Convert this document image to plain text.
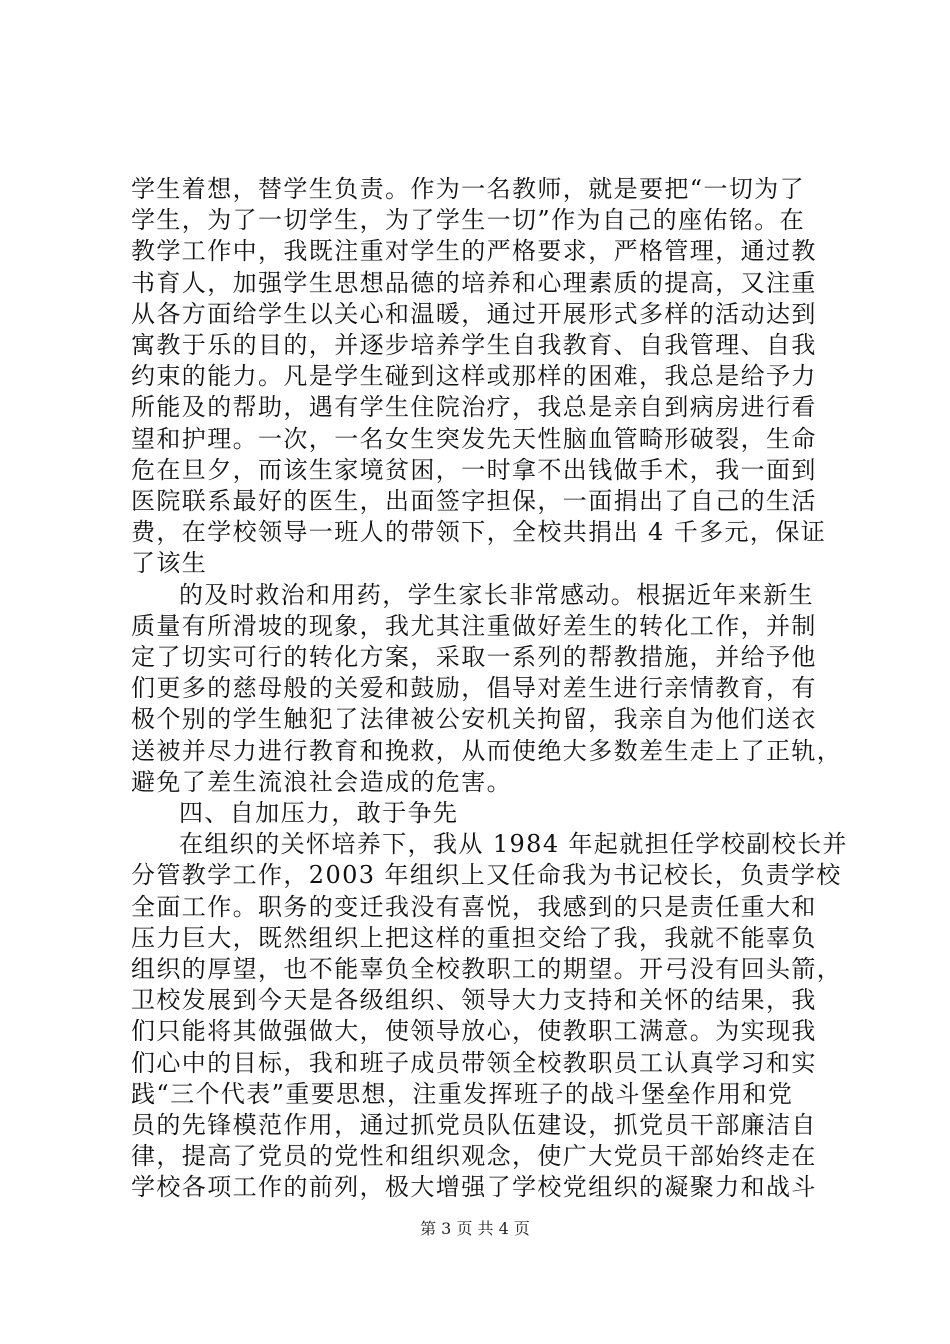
学生着想，替学生负责。作为一名教师，就是要把“一切为了
学生，为了一切学生，为了学生一切”作为自己的座佑铭。在
教学工作中，我既注重对学生的严格要求，严格管理，通过教
书育人，加强学生思想品德的培养和心理素质的提高，又注重
从各方面给学生以关心和温暖，通过开展形式多样的活动达到
寓教于乐的目的，并逐步培养学生自我教育、自我管理、自我
约束的能力。凡是学生碰到这样或那样的困难，我总是给予力
所能及的帮助，遇有学生住院治疗，我总是亲自到病房进行看
望和护理。一次，一名女生突发先天性脑血管畸形破裂，生命
危在旦夕，而该生家境贫困，一时拿不出钱做手术，我一面到
医院联系最好的医生，出面签字担保，一面捐出了自己的生活
费，在学校领导一班人的带领下，全校共捐出 4 千多元，保证
了该生
的及时救治和用药，学生家长非常感动。根据近年来新生
质量有所滑坡的现象，我尤其注重做好差生的转化工作，并制
定了切实可行的转化方案，采取一系列的帮教措施，并给予他
们更多的慈母般的关爱和鼓励，倡导对差生进行亲情教育，有
极个别的学生触犯了法律被公安机关拘留，我亲自为他们送衣
送被并尽力进行教育和挽救，从而使绝大多数差生走上了正轨，
避免了差生流浪社会造成的危害。
四、自加压力，敢于争先
在组织的关怀培养下，我从 1984 年起就担任学校副校长并
分管教学工作，2003 年组织上又任命我为书记校长，负责学校
全面工作。职务的变迁我没有喜悦，我感到的只是责任重大和
压力巨大，既然组织上把这样的重担交给了我，我就不能辜负
组织的厚望，也不能辜负全校教职工的期望。开弓没有回头箭，
卫校发展到今天是各级组织、领导大力支持和关怀的结果，我
们只能将其做强做大，使领导放心，使教职工满意。为实现我
们心中的目标，我和班子成员带领全校教职员工认真学习和实
践“三个代表”重要思想，注重发挥班子的战斗堡垒作用和党
员的先锋模范作用，通过抓党员队伍建设，抓党员干部廉洁自
律，提高了党员的党性和组织观念，使广大党员干部始终走在
学校各项工作的前列，极大增强了学校党组织的凝聚力和战斗
第 3 页 共 4 页
